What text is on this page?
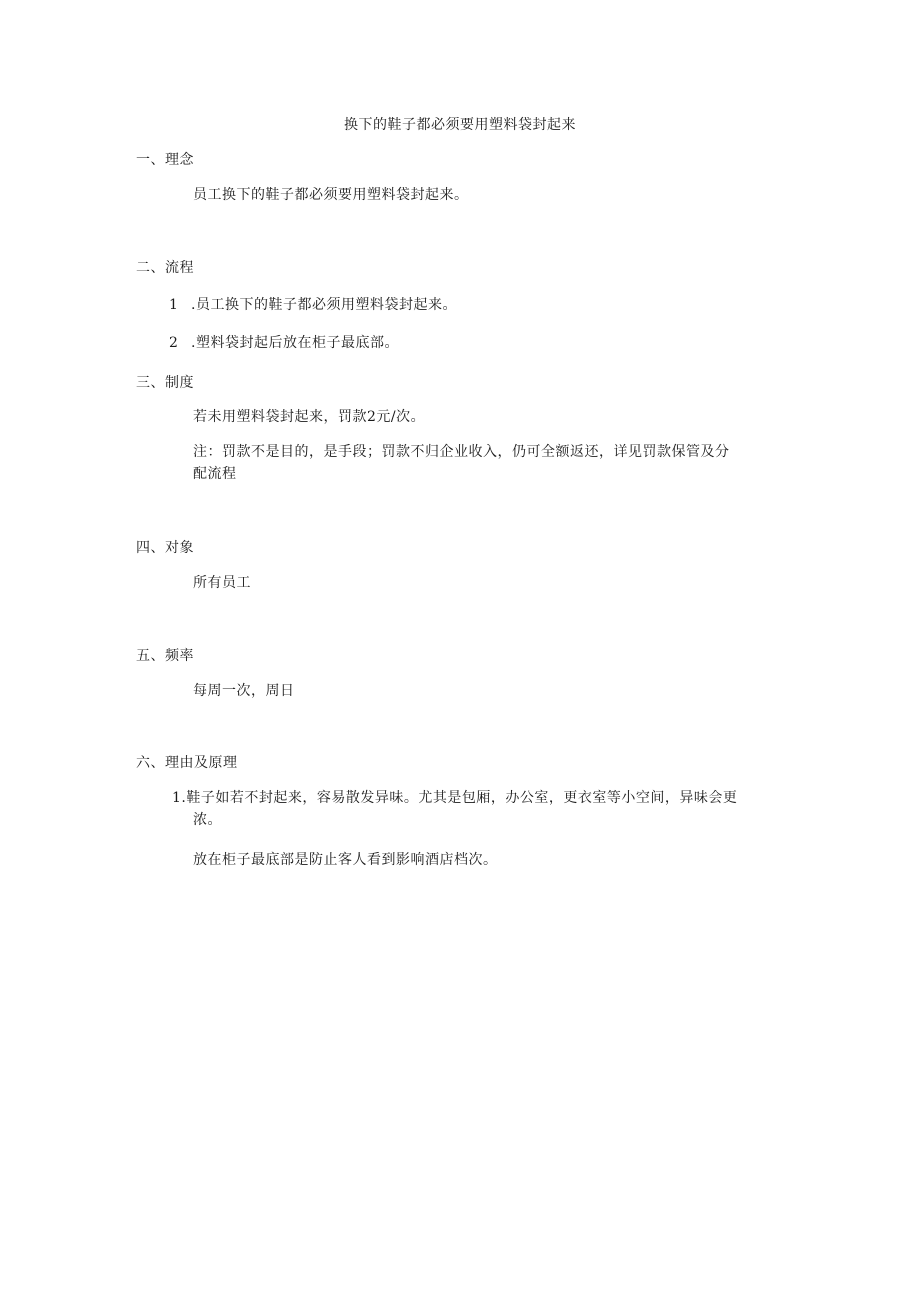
换下的鞋子都必须要用塑料袋封起来
一、理念
员工换下的鞋子都必须要用塑料袋封起来。
二、流程
1 .员工换下的鞋子都必须用塑料袋封起来。
2 .塑料袋封起后放在柜子最底部。
三、制度
若未用塑料袋封起来，罚款2元/次。
注：罚款不是目的，是手段；罚款不归企业收入，仍可全额返还，详见罚款保管及分
配流程
四、对象
所有员工
五、频率
每周一次，周日
六、理由及原理
1.鞋子如若不封起来，容易散发异味。尤其是包厢，办公室，更衣室等小空间，异味会更
浓。
放在柜子最底部是防止客人看到影响酒店档次。
